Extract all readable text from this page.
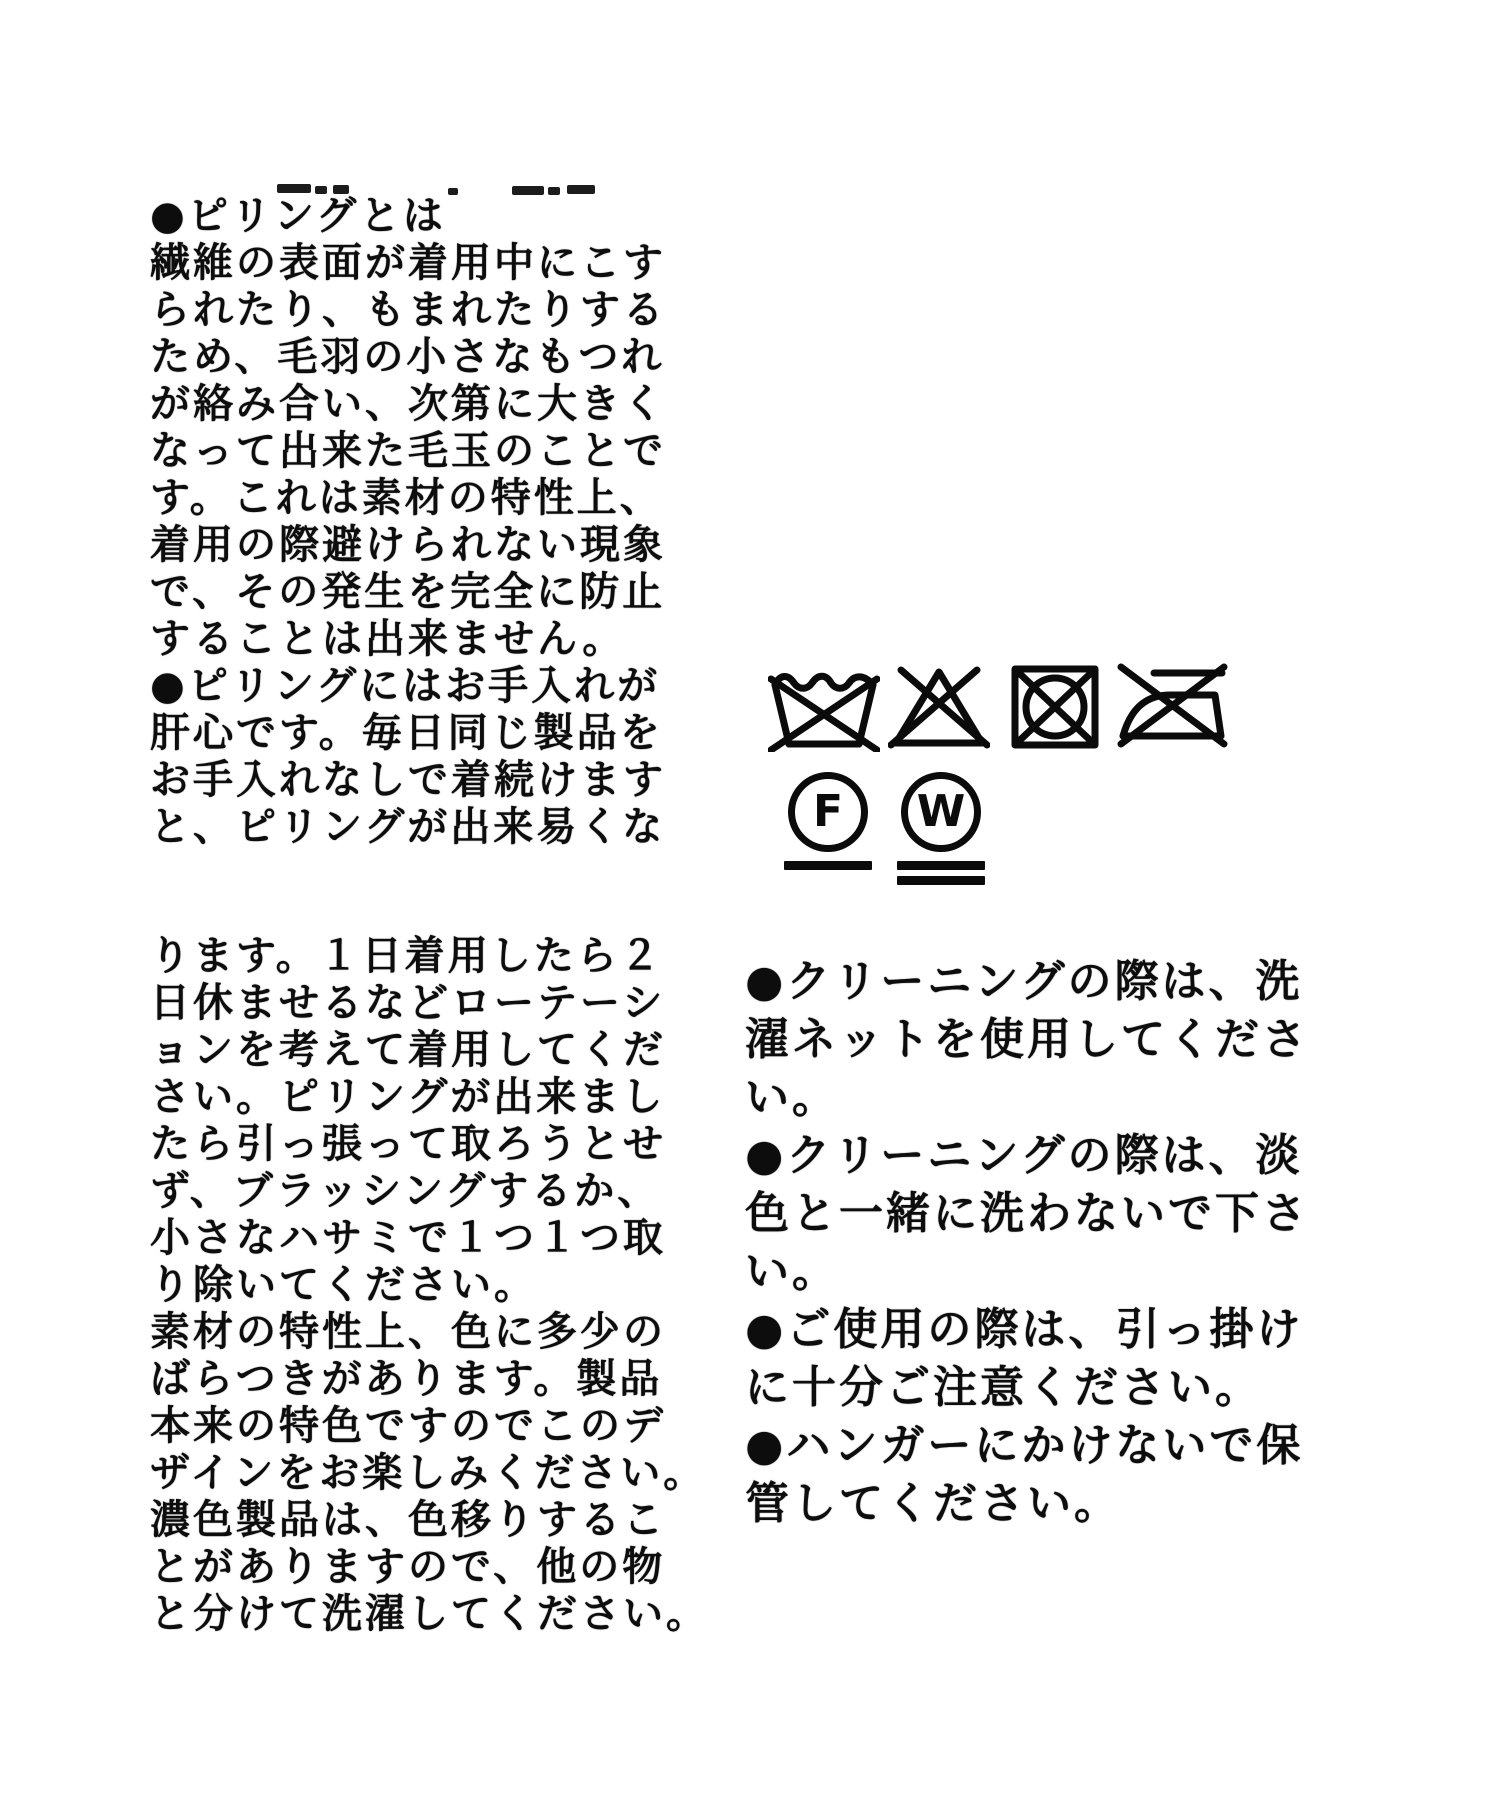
●ピリングとは
繊維の表面が着用中にこす
られたり、もまれたりする
ため、毛羽の小さなもつれ
が絡み合い、次第に大きく
なって出来た毛玉のことで
す。これは素材の特性上、
着用の際避けられない現象
で、その発生を完全に防止
することは出来ません。
●ピリングにはお手入れが
肝心です。毎日同じ製品を
お手入れなしで着続けます
と、ピリングが出来易くな
ります。１日着用したら２
日休ませるなどローテーシ
ョンを考えて着用してくだ
さい。ピリングが出来まし
たら引っ張って取ろうとせ
ず、ブラッシングするか、
小さなハサミで１つ１つ取
り除いてください。
素材の特性上、色に多少の
ばらつきがあります。製品
本来の特色ですのでこのデ
ザインをお楽しみください。
濃色製品は、色移りするこ
とがありますので、他の物
と分けて洗濯してください。
F	W
●クリーニングの際は、洗
濯ネットを使用してくださ
い。
●クリーニングの際は、淡
色と一緒に洗わないで下さ
い。
●ご使用の際は、引っ掛け
に十分ご注意ください。
●ハンガーにかけないで保
管してください。
